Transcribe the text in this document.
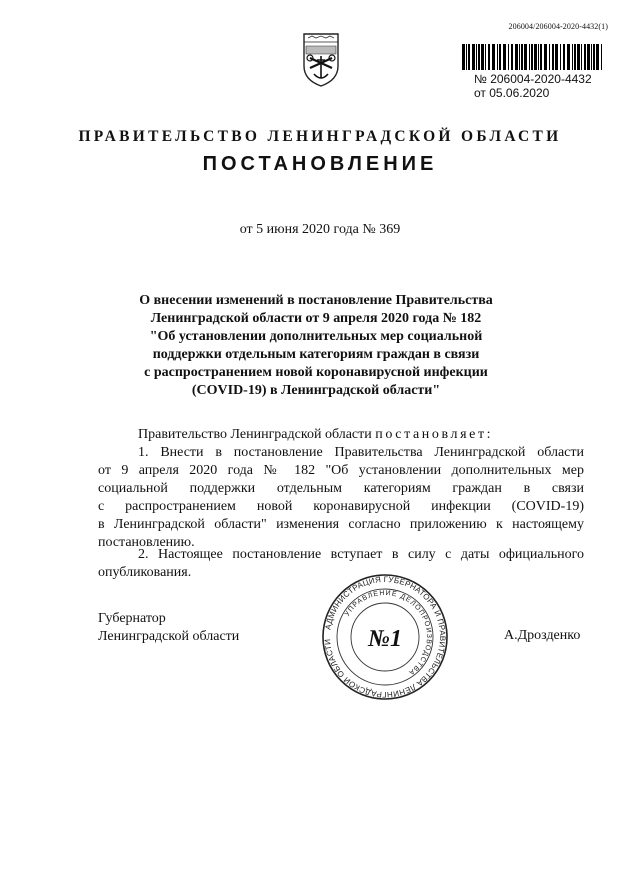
206004/206004-2020-4432(1)
№ 206004-2020-4432
от 05.06.2020
ПРАВИТЕЛЬСТВО ЛЕНИНГРАДСКОЙ ОБЛАСТИ
ПОСТАНОВЛЕНИЕ
от 5 июня 2020 года № 369
О внесении изменений в постановление Правительства
Ленинградской области от 9 апреля 2020 года № 182
"Об установлении дополнительных мер социальной
поддержки отдельным категориям граждан в связи
с распространением новой коронавирусной инфекции
(COVID-19) в Ленинградской области"
Правительство Ленинградской области постановляет:
1. Внести в постановление Правительства Ленинградской области
от 9 апреля 2020 года № 182 "Об установлении дополнительных мер
социальной поддержки отдельным категориям граждан в связи
с распространением новой коронавирусной инфекции (COVID-19)
в Ленинградской области" изменения согласно приложению к настоящему
постановлению.
2. Настоящее постановление вступает в силу с даты официального
опубликования.
Губернатор
Ленинградской области	А.Дрозденко
АДМИНИСТРАЦИЯ ГУБЕРНАТОРА И ПРАВИТЕЛЬСТВА ЛЕНИНГРАДСКОЙ ОБЛАСТИ
УПРАВЛЕНИЕ ДЕЛОПРОИЗВОДСТВА
№1
